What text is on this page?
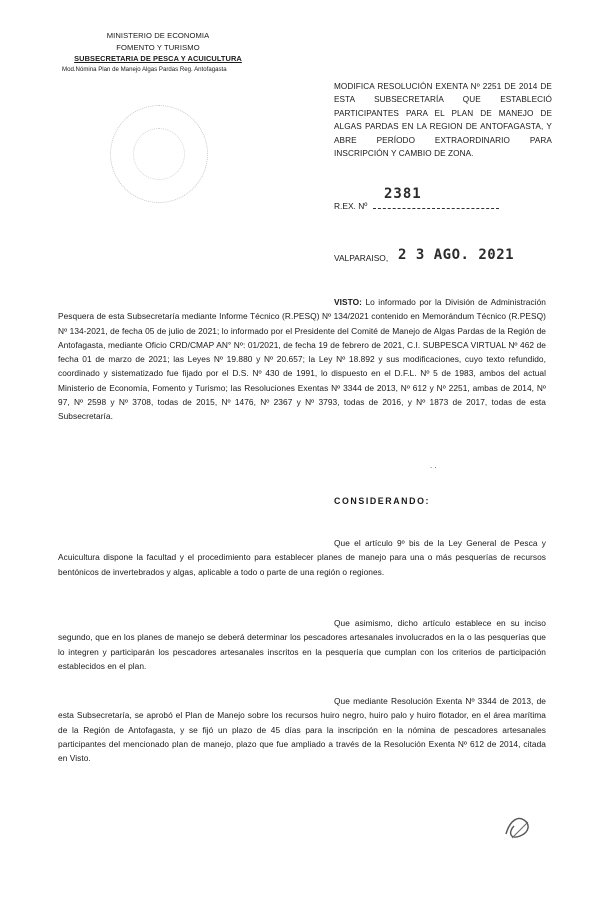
MINISTERIO DE ECONOMIA
FOMENTO Y TURISMO
SUBSECRETARIA DE PESCA Y ACUICULTURA
Mod.Nómina Plan de Manejo Algas Pardas Reg. Antofagasta
MODIFICA RESOLUCIÓN EXENTA Nº 2251 DE 2014 DE ESTA SUBSECRETARÍA QUE ESTABLECIÓ PARTICIPANTES PARA EL PLAN DE MANEJO DE ALGAS PARDAS EN LA REGION DE ANTOFAGASTA, Y ABRE PERÍODO EXTRAORDINARIO PARA INSCRIPCIÓN Y CAMBIO DE ZONA.
2381
R.EX. Nº
VALPARAISO, 2 3 AGO. 2021
VISTO: Lo informado por la División de Administración Pesquera de esta Subsecretaría mediante Informe Técnico (R.PESQ) Nº 134/2021 contenido en Memorándum Técnico (R.PESQ) Nº 134-2021, de fecha 05 de julio de 2021; lo informado por el Presidente del Comité de Manejo de Algas Pardas de la Región de Antofagasta, mediante Oficio CRD/CMAP AN° Nº: 01/2021, de fecha 19 de febrero de 2021, C.I. SUBPESCA VIRTUAL Nº 462 de fecha 01 de marzo de 2021; las Leyes Nº 19.880 y Nº 20.657; la Ley Nº 18.892 y sus modificaciones, cuyo texto refundido, coordinado y sistematizado fue fijado por el D.S. Nº 430 de 1991, lo dispuesto en el D.F.L. Nº 5 de 1983, ambos del actual Ministerio de Economía, Fomento y Turismo; las Resoluciones Exentas Nº 3344 de 2013, Nº 612 y Nº 2251, ambas de 2014, Nº 97, Nº 2598 y Nº 3708, todas de 2015, Nº 1476, Nº 2367 y Nº 3793, todas de 2016, y Nº 1873 de 2017, todas de esta Subsecretaría.
. .
CONSIDERANDO:
Que el artículo 9º bis de la Ley General de Pesca y Acuicultura dispone la facultad y el procedimiento para establecer planes de manejo para una o más pesquerías de recursos bentónicos de invertebrados y algas, aplicable a todo o parte de una región o regiones.
Que asimismo, dicho artículo establece en su inciso segundo, que en los planes de manejo se deberá determinar los pescadores artesanales involucrados en la o las pesquerías que lo integren y participarán los pescadores artesanales inscritos en la pesquería que cumplan con los criterios de participación establecidos en el plan.
Que mediante Resolución Exenta Nº 3344 de 2013, de esta Subsecretaría, se aprobó el Plan de Manejo sobre los recursos huiro negro, huiro palo y huiro flotador, en el área marítima de la Región de Antofagasta, y se fijó un plazo de 45 días para la inscripción en la nómina de pescadores artesanales participantes del mencionado plan de manejo, plazo que fue ampliado a través de la Resolución Exenta Nº 612 de 2014, citada en Visto.
